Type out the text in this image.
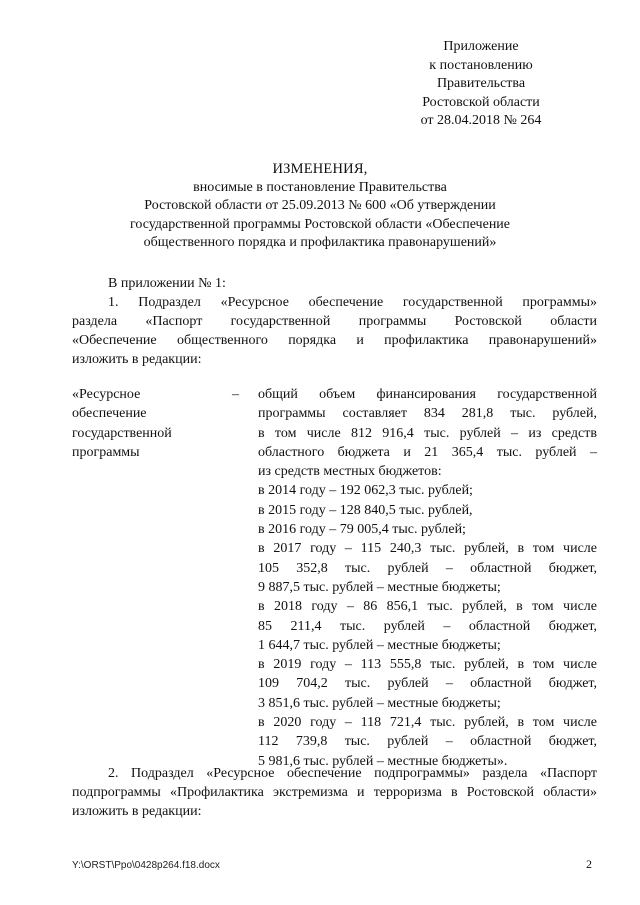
Приложение
к постановлению
Правительства
Ростовской области
от 28.04.2018 № 264
ИЗМЕНЕНИЯ,
вносимые в постановление Правительства
Ростовской области от 25.09.2013 № 600 «Об утверждении
государственной программы Ростовской области «Обеспечение
общественного порядка и профилактика правонарушений»
В приложении № 1:
1. Подраздел «Ресурсное обеспечение государственной программы»
раздела «Паспорт государственной программы Ростовской области
«Обеспечение общественного порядка и профилактика правонарушений»
изложить в редакции:
«Ресурсное
обеспечение
государственной
программы
– общий объем финансирования государственной
программы составляет 834 281,8 тыс. рублей,
в том числе 812 916,4 тыс. рублей – из средств
областного бюджета и 21 365,4 тыс. рублей –
из средств местных бюджетов:
в 2014 году – 192 062,3 тыс. рублей;
в 2015 году – 128 840,5 тыс. рублей,
в 2016 году – 79 005,4 тыс. рублей;
в 2017 году – 115 240,3 тыс. рублей, в том числе
105 352,8 тыс. рублей – областной бюджет,
9 887,5 тыс. рублей – местные бюджеты;
в 2018 году – 86 856,1 тыс. рублей, в том числе
85 211,4 тыс. рублей – областной бюджет,
1 644,7 тыс. рублей – местные бюджеты;
в 2019 году – 113 555,8 тыс. рублей, в том числе
109 704,2 тыс. рублей – областной бюджет,
3 851,6 тыс. рублей – местные бюджеты;
в 2020 году – 118 721,4 тыс. рублей, в том числе
112 739,8 тыс. рублей – областной бюджет,
5 981,6 тыс. рублей – местные бюджеты».
2. Подраздел «Ресурсное обеспечение подпрограммы» раздела «Паспорт
подпрограммы «Профилактика экстремизма и терроризма в Ростовской области»
изложить в редакции:
Y:\ORST\Ppo\0428p264.f18.docx	2
